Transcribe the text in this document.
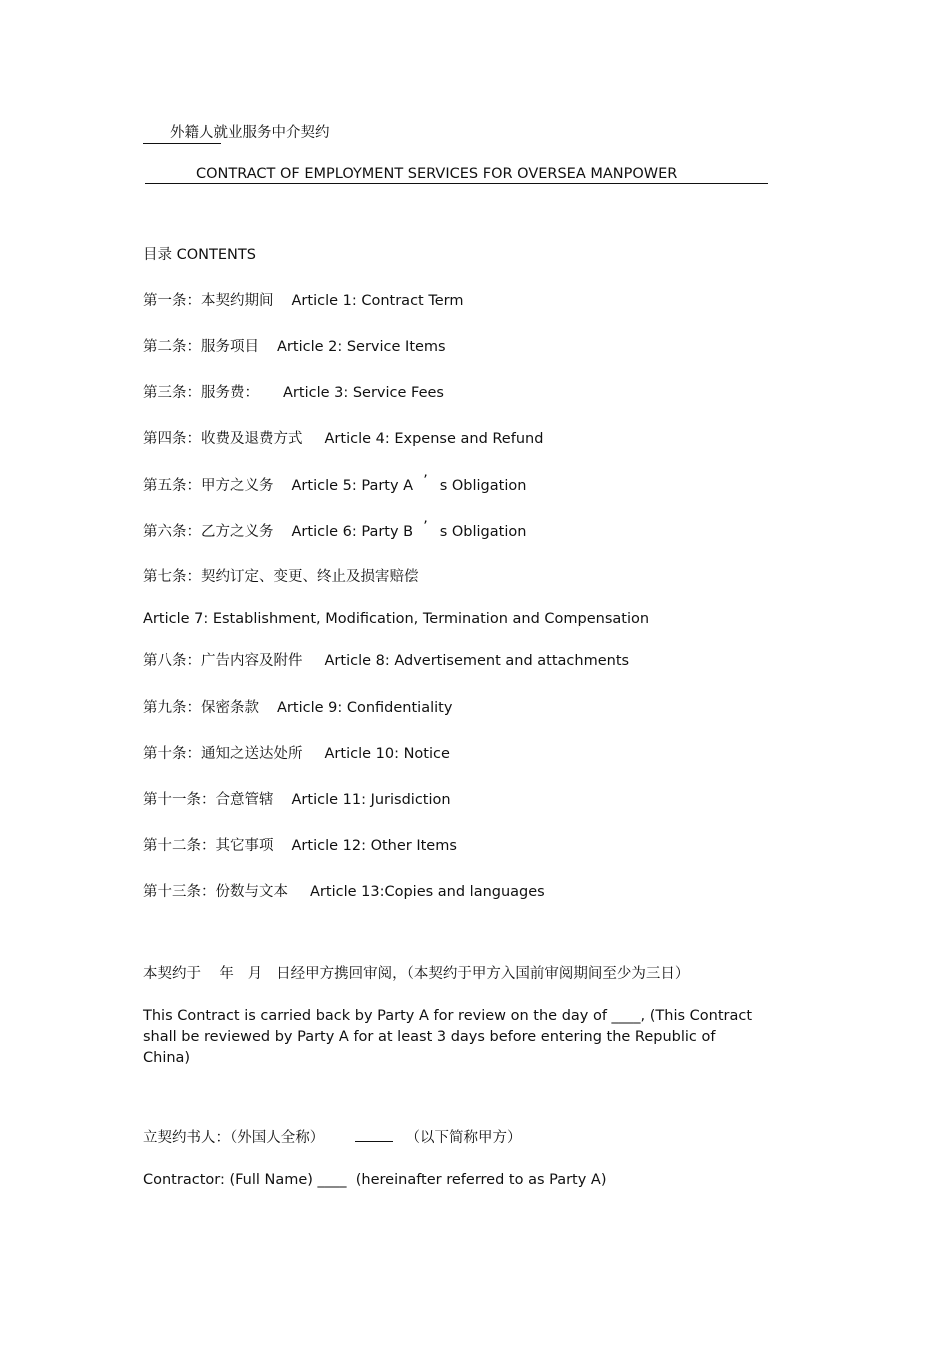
外籍人就业服务中介契约
CONTRACT OF EMPLOYMENT SERVICES FOR OVERSEA MANPOWER
目录 CONTENTS
第一条：本契约期间 Article 1: Contract Term
第二条：服务项目 Article 2: Service Items
第三条：服务费： Article 3: Service Fees
第四条：收费及退费方式 Article 4: Expense and Refund
第五条：甲方之义务 Article 5: Party A ’ s Obligation
第六条：乙方之义务 Article 6: Party B ’ s Obligation
第七条：契约订定、变更、终止及损害赔偿
Article 7: Establishment, Modification, Termination and Compensation
第八条：广告内容及附件 Article 8: Advertisement and attachments
第九条：保密条款 Article 9: Confidentiality
第十条：通知之送达处所 Article 10: Notice
第十一条：合意管辖 Article 11: Jurisdiction
第十二条：其它事项 Article 12: Other Items
第十三条：份数与文本 Article 13:Copies and languages
本契约于    年   月   日经甲方携回审阅，（本契约于甲方入国前审阅期间至少为三日）
This Contract is carried back by Party A for review on the day of ____, (This Contract shall be reviewed by Party A for at least 3 days before entering the Republic of China)
立契约书人：（外国人全称）	（以下简称甲方）
Contractor: (Full Name) ____  (hereinafter referred to as Party A)
